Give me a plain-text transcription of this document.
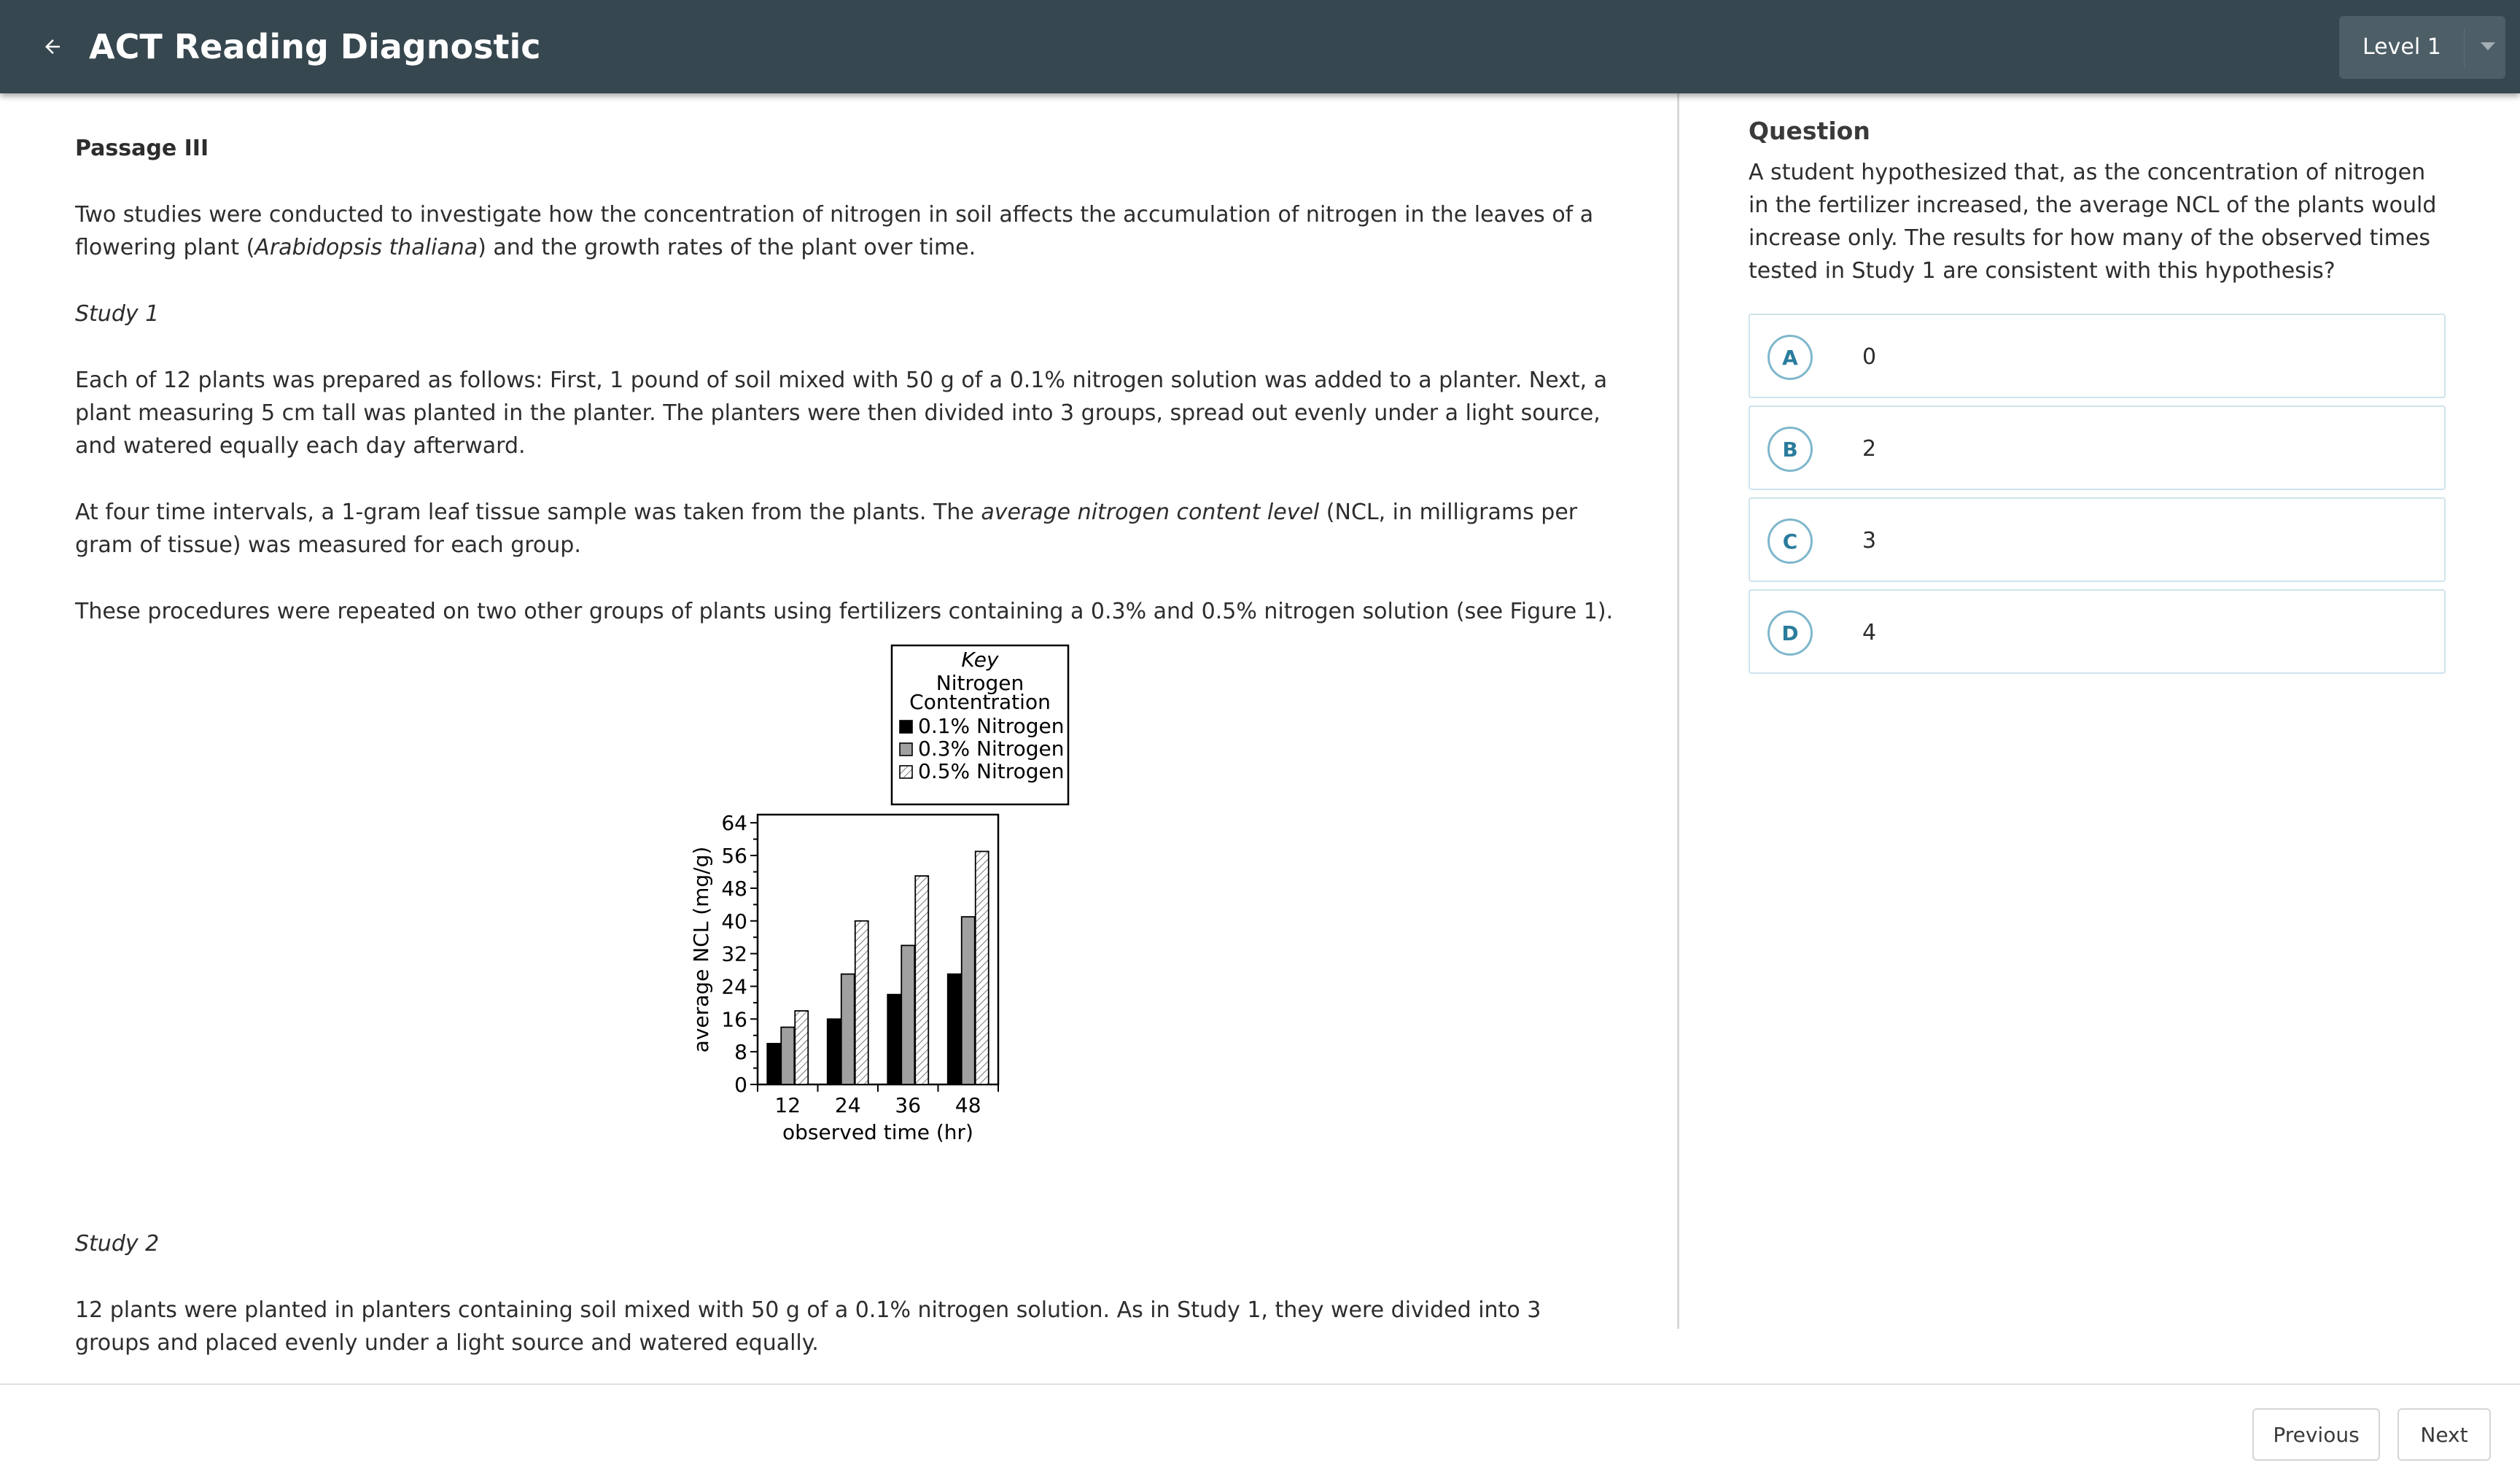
ACT Reading Diagnostic	Level 1
Passage III

Two studies were conducted to investigate how the concentration of nitrogen in soil affects the accumulation of nitrogen in the leaves of a flowering plant (Arabidopsis thaliana) and the growth rates of the plant over time.

Study 1

Each of 12 plants was prepared as follows: First, 1 pound of soil mixed with 50 g of a 0.1% nitrogen solution was added to a planter. Next, a plant measuring 5 cm tall was planted in the planter. The planters were then divided into 3 groups, spread out evenly under a light source, and watered equally each day afterward.

At four time intervals, a 1-gram leaf tissue sample was taken from the plants. The average nitrogen content level (NCL, in milligrams per gram of tissue) was measured for each group.

These procedures were repeated on two other groups of plants using fertilizers containing a 0.3% and 0.5% nitrogen solution (see Figure 1).

Key
Nitrogen
Contentration
0.1% Nitrogen
0.3% Nitrogen
0.5% Nitrogen
0
8
16
24
32
40
48
56
64
12 24 36 48
observed time (hr)
average NCL (mg/g)
Study 2

12 plants were planted in planters containing soil mixed with 50 g of a 0.1% nitrogen solution. As in Study 1, they were divided into 3 groups and placed evenly under a light source and watered equally.

Question
A student hypothesized that, as the concentration of nitrogen in the fertilizer increased, the average NCL of the plants would increase only. The results for how many of the observed times tested in Study 1 are consistent with this hypothesis?
A	0
B	2
C	3
D	4
Previous	Next
